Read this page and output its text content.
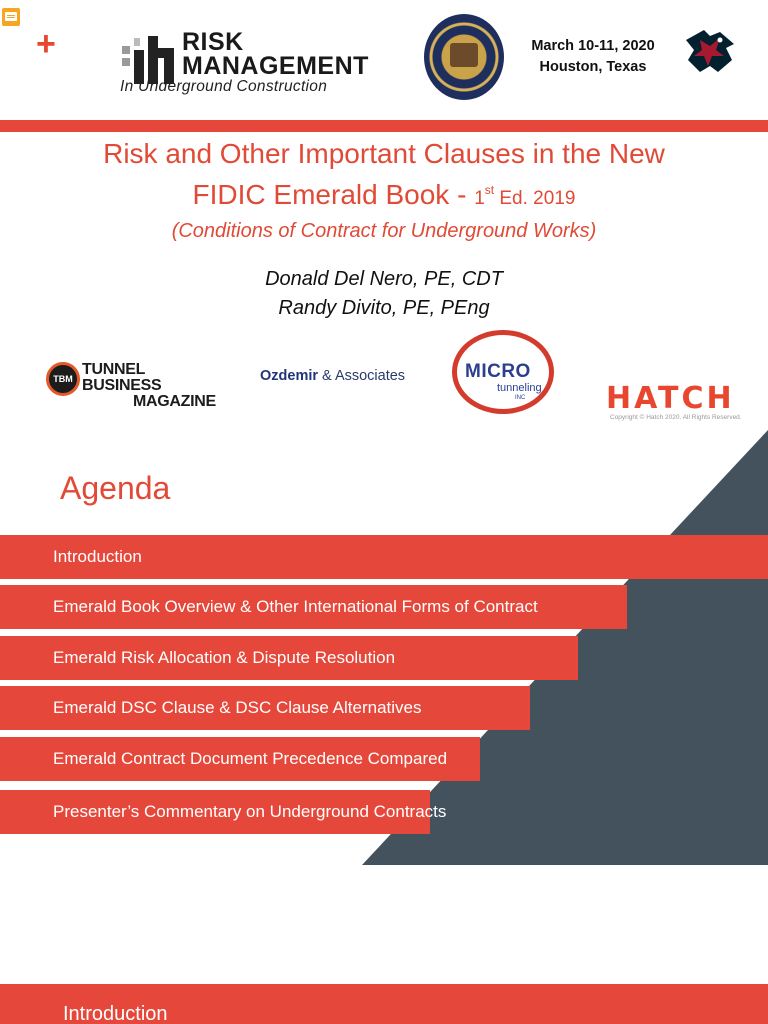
+	RISK
MANAGEMENT
In Underground Construction
March 10-11, 2020
Houston, Texas
Risk and Other Important Clauses in the New
FIDIC Emerald Book - 1st Ed. 2019
(Conditions of Contract for Underground Works)
Donald Del Nero, PE, CDT
Randy Divito, PE, PEng
TBM
TUNNEL BUSINESS
MAGAZINE
Ozdemir & Associates	MICRO
tunneling
INC	HATCH
Copyright © Hatch 2020. All Rights Reserved.
Agenda
Introduction
Emerald Book Overview & Other International Forms of Contract
Emerald Risk Allocation & Dispute Resolution
Emerald DSC Clause & DSC Clause Alternatives
Emerald Contract Document Precedence Compared
Presenter’s Commentary on Underground Contracts
Introduction
